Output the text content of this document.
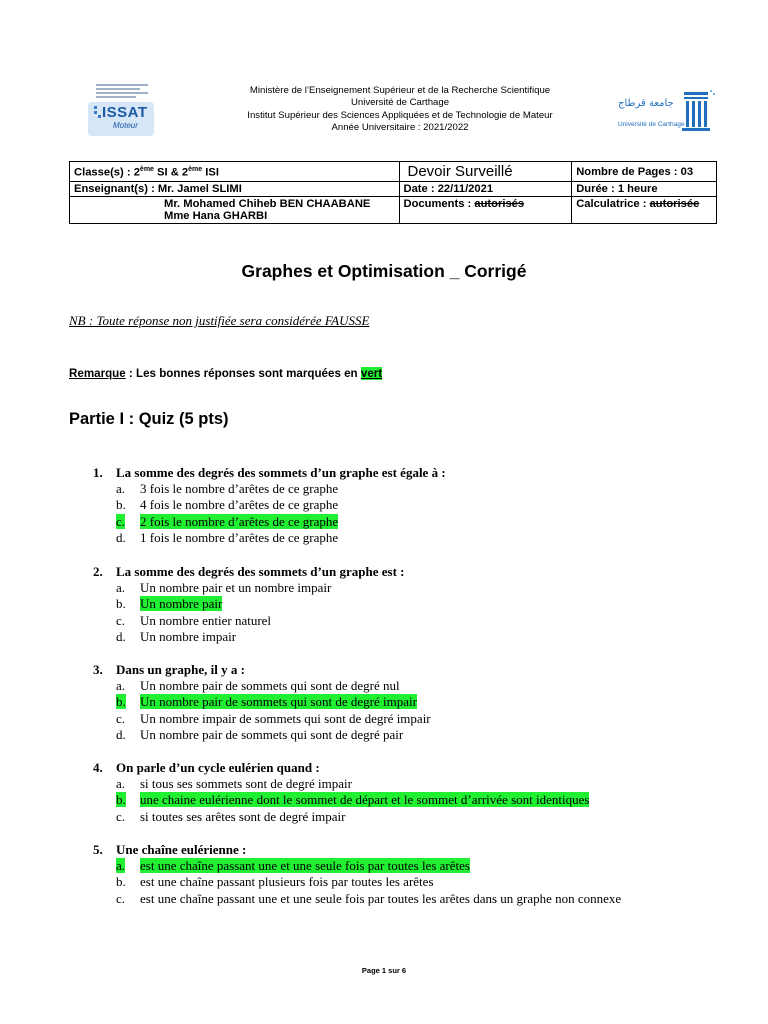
ISSAT
Moteur
Ministère de l’Enseignement Supérieur et de la Recherche Scientifique
Université de Carthage
Institut Supérieur des Sciences Appliquées et de Technologie de Mateur
Année Universitaire : 2021/2022
جامعة قرطاج
Université de Carthage
Classe(s) : 2ème SI & 2ème ISI	Devoir Surveillé	Nombre de Pages : 03
Enseignant(s) : Mr. Jamel SLIMI	Date : 22/11/2021	Durée : 1 heure

Mr. Mohamed Chiheb BEN CHAABANE
Mme Hana GHARBI	Documents : autorisés	Calculatrice : autorisée
Graphes et Optimisation _ Corrigé
NB : Toute réponse non justifiée sera considérée FAUSSE
Remarque : Les bonnes réponses sont marquées en vert
Partie I : Quiz (5 pts)
1. La somme des degrés des sommets d’un graphe est égale à :
a. 3 fois le nombre d’arêtes de ce graphe
b. 4 fois le nombre d’arêtes de ce graphe
c. 2 fois le nombre d’arêtes de ce graphe
d. 1 fois le nombre d’arêtes de ce graphe
2. La somme des degrés des sommets d’un graphe est :
a. Un nombre pair et un nombre impair
b. Un nombre pair
c. Un nombre entier naturel
d. Un nombre impair
3. Dans un graphe, il y a :
a. Un nombre pair de sommets qui sont de degré nul
b. Un nombre pair de sommets qui sont de degré impair
c. Un nombre impair de sommets qui sont de degré impair
d. Un nombre pair de sommets qui sont de degré pair
4. On parle d’un cycle eulérien quand :
a. si tous ses sommets sont de degré impair
b. une chaine eulérienne dont le sommet de départ et le sommet d’arrivée sont identiques
c. si toutes ses arêtes sont de degré impair
5. Une chaîne eulérienne :
a. est une chaîne passant une et une seule fois par toutes les arêtes
b. est une chaîne passant plusieurs fois par toutes les arêtes
c. est une chaîne passant une et une seule fois par toutes les arêtes dans un graphe non connexe
Page 1 sur 6
